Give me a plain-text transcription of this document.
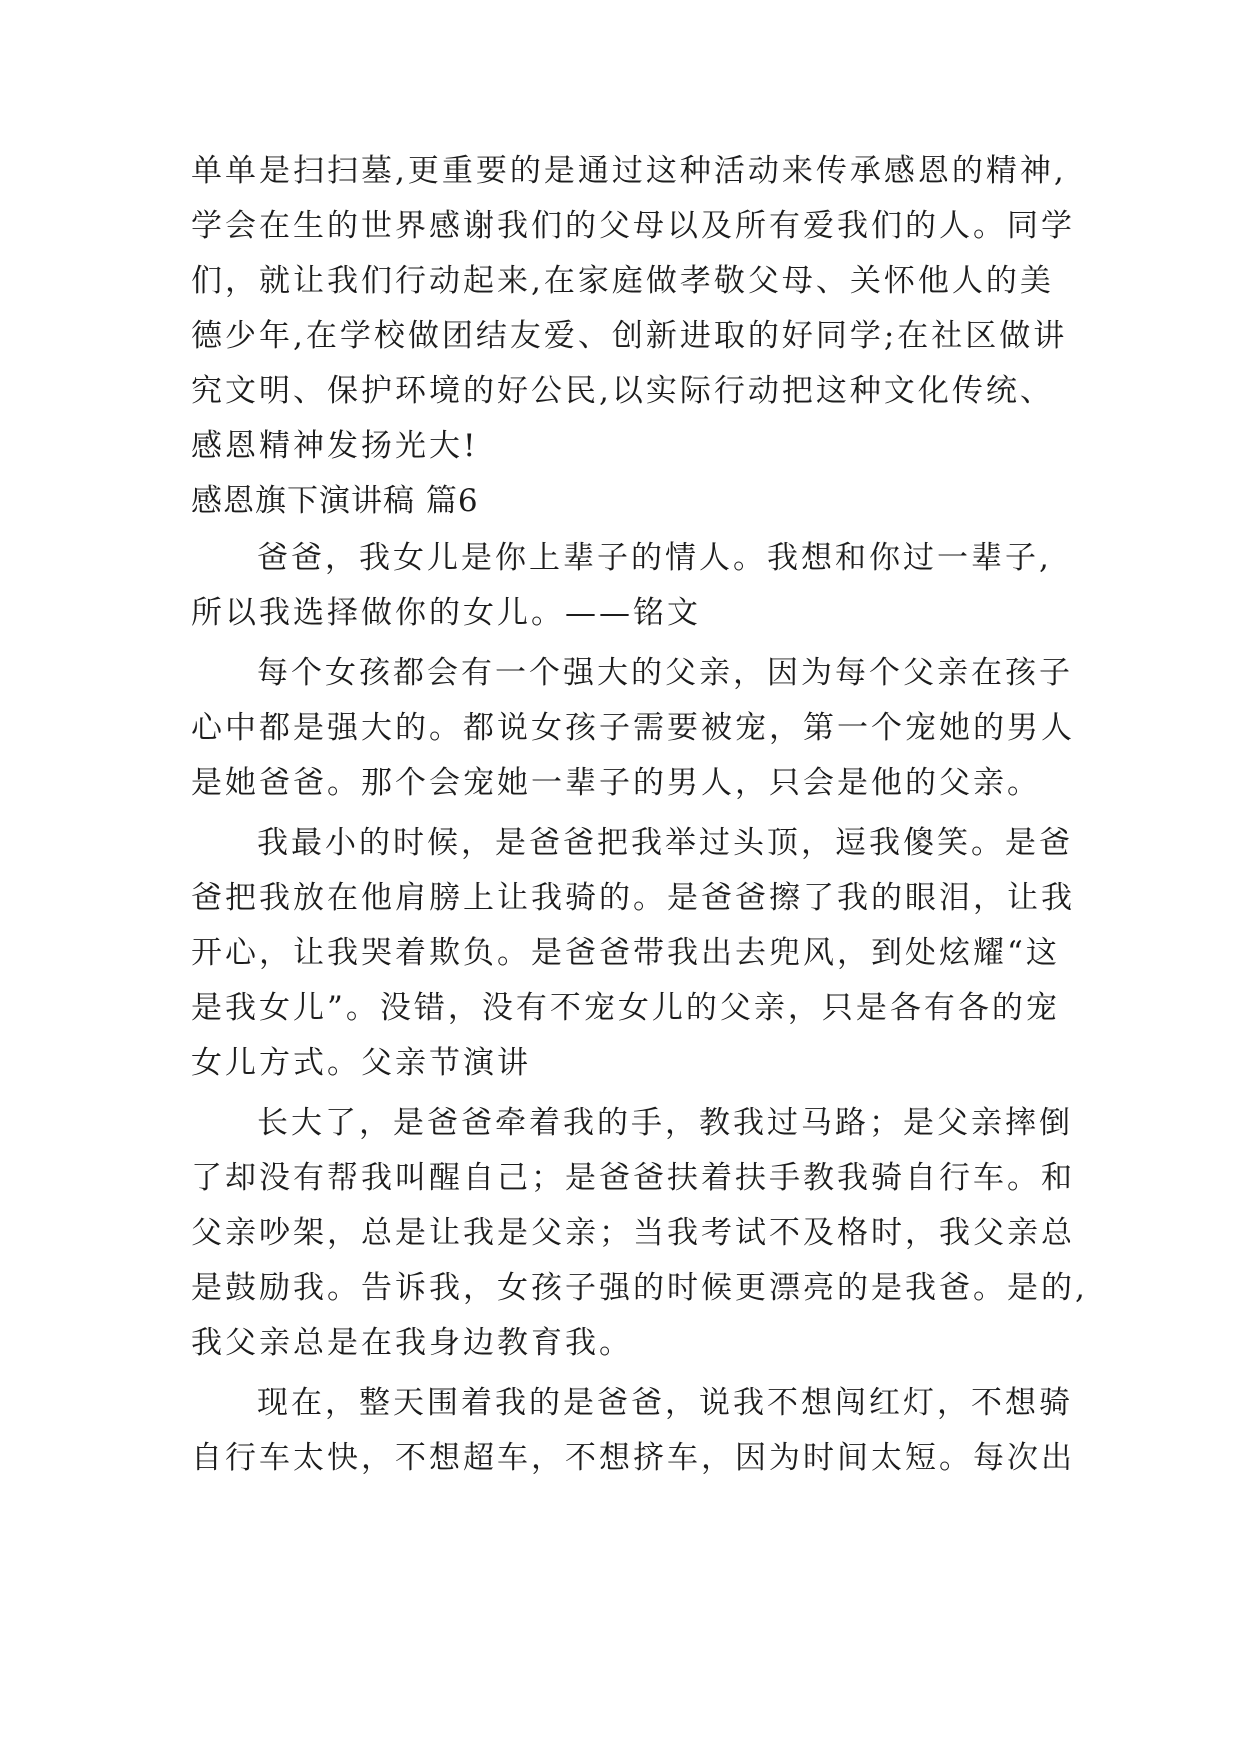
单单是扫扫墓,更重要的是通过这种活动来传承感恩的精神,
学会在生的世界感谢我们的父母以及所有爱我们的人。同学
们，就让我们行动起来,在家庭做孝敬父母、关怀他人的美
德少年,在学校做团结友爱、创新进取的好同学;在社区做讲
究文明、保护环境的好公民,以实际行动把这种文化传统、
感恩精神发扬光大!
感恩旗下演讲稿 篇6
爸爸，我女儿是你上辈子的情人。我想和你过一辈子,
所以我选择做你的女儿。——铭文
每个女孩都会有一个强大的父亲，因为每个父亲在孩子
心中都是强大的。都说女孩子需要被宠，第一个宠她的男人
是她爸爸。那个会宠她一辈子的男人，只会是他的父亲。
我最小的时候，是爸爸把我举过头顶，逗我傻笑。是爸
爸把我放在他肩膀上让我骑的。是爸爸擦了我的眼泪，让我
开心，让我哭着欺负。是爸爸带我出去兜风，到处炫耀“这
是我女儿”。没错，没有不宠女儿的父亲，只是各有各的宠
女儿方式。父亲节演讲
长大了，是爸爸牵着我的手，教我过马路；是父亲摔倒
了却没有帮我叫醒自己；是爸爸扶着扶手教我骑自行车。和
父亲吵架，总是让我是父亲；当我考试不及格时，我父亲总
是鼓励我。告诉我，女孩子强的时候更漂亮的是我爸。是的,
我父亲总是在我身边教育我。
现在，整天围着我的是爸爸，说我不想闯红灯，不想骑
自行车太快，不想超车，不想挤车，因为时间太短。每次出
